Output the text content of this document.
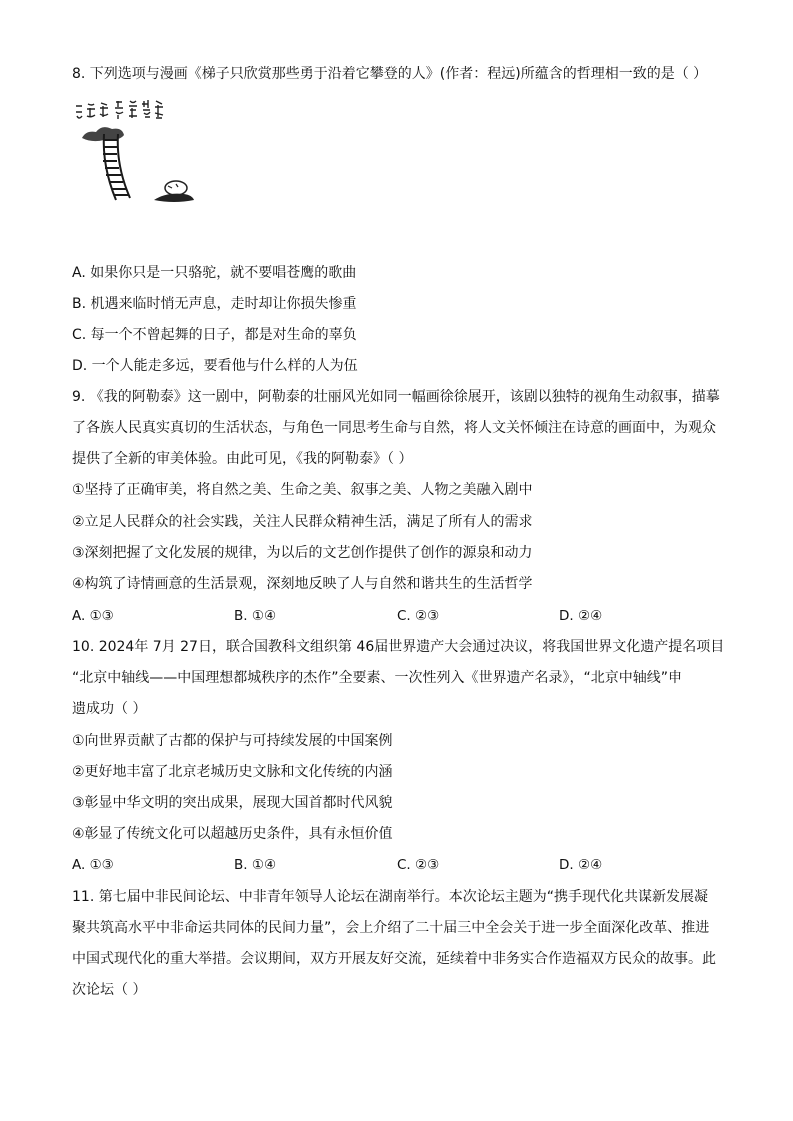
8. 下列选项与漫画《梯子只欣赏那些勇于沿着它攀登的人》(作者：程远)所蕴含的哲理相一致的是（ ）
A. 如果你只是一只骆驼，就不要唱苍鹰的歌曲
B. 机遇来临时悄无声息，走时却让你损失惨重
C. 每一个不曾起舞的日子，都是对生命的辜负
D. 一个人能走多远，要看他与什么样的人为伍
9. 《我的阿勒泰》这一剧中，阿勒泰的壮丽风光如同一幅画徐徐展开，该剧以独特的视角生动叙事，描摹
了各族人民真实真切的生活状态，与角色一同思考生命与自然，将人文关怀倾注在诗意的画面中，为观众
提供了全新的审美体验。由此可见，《我的阿勒泰》（ ）
①坚持了正确审美，将自然之美、生命之美、叙事之美、人物之美融入剧中
②立足人民群众的社会实践，关注人民群众精神生活，满足了所有人的需求
③深刻把握了文化发展的规律，为以后的文艺创作提供了创作的源泉和动力
④构筑了诗情画意的生活景观，深刻地反映了人与自然和谐共生的生活哲学
A. ①③	B. ①④	C. ②③	D. ②④
10. 2024年 7月 27日，联合国教科文组织第 46届世界遗产大会通过决议，将我国世界文化遗产提名项目
“北京中轴线——中国理想都城秩序的杰作”全要素、一次性列入《世界遗产名录》，“北京中轴线”申
遗成功（ ）
①向世界贡献了古都的保护与可持续发展的中国案例
②更好地丰富了北京老城历史文脉和文化传统的内涵
③彰显中华文明的突出成果，展现大国首都时代风貌
④彰显了传统文化可以超越历史条件，具有永恒价值
A. ①③	B. ①④	C. ②③	D. ②④
11. 第七届中非民间论坛、中非青年领导人论坛在湖南举行。本次论坛主题为“携手现代化共谋新发展凝
聚共筑高水平中非命运共同体的民间力量”，会上介绍了二十届三中全会关于进一步全面深化改革、推进
中国式现代化的重大举措。会议期间，双方开展友好交流，延续着中非务实合作造福双方民众的故事。此
次论坛（ ）
